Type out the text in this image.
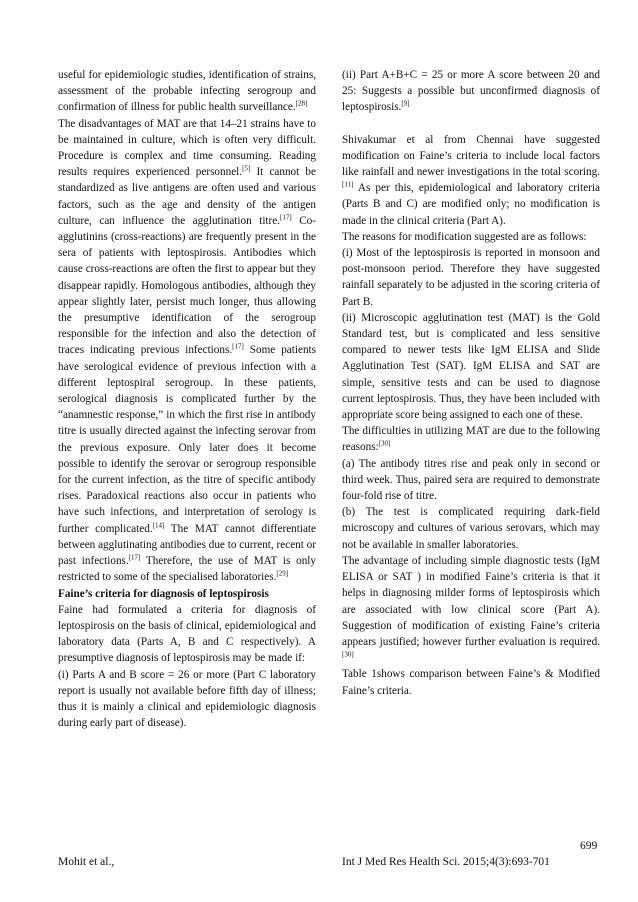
useful for epidemiologic studies, identification of strains, assessment of the probable infecting serogroup and confirmation of illness for public health surveillance.[28]

The disadvantages of MAT are that 14–21 strains have to be maintained in culture, which is often very difficult. Procedure is complex and time consuming. Reading results requires experienced personnel.[5] It cannot be standardized as live antigens are often used and various factors, such as the age and density of the antigen culture, can influence the agglutination titre.[17] Co-agglutinins (cross-reactions) are frequently present in the sera of patients with leptospirosis. Antibodies which cause cross-reactions are often the first to appear but they disappear rapidly. Homologous antibodies, although they appear slightly later, persist much longer, thus allowing the presumptive identification of the serogroup responsible for the infection and also the detection of traces indicating previous infections.[17] Some patients have serological evidence of previous infection with a different leptospiral serogroup. In these patients, serological diagnosis is complicated further by the “anamnestic response,” in which the first rise in antibody titre is usually directed against the infecting serovar from the previous exposure. Only later does it become possible to identify the serovar or serogroup responsible for the current infection, as the titre of specific antibody rises. Paradoxical reactions also occur in patients who have such infections, and interpretation of serology is further complicated.[14] The MAT cannot differentiate between agglutinating antibodies due to current, recent or past infections.[17] Therefore, the use of MAT is only restricted to some of the specialised laboratories.[29]

Faine’s criteria for diagnosis of leptospirosis

Faine had formulated a criteria for diagnosis of leptospirosis on the basis of clinical, epidemiological and laboratory data (Parts A, B and C respectively). A presumptive diagnosis of leptospirosis may be made if:

(i) Parts A and B score = 26 or more (Part C laboratory report is usually not available before fifth day of illness; thus it is mainly a clinical and epidemiologic diagnosis during early part of disease).

(ii) Part A+B+C = 25 or more A score between 20 and 25: Suggests a possible but unconfirmed diagnosis of leptospirosis.[9]

Shivakumar et al from Chennai have suggested modification on Faine’s criteria to include local factors like rainfall and newer investigations in the total scoring.[11] As per this, epidemiological and laboratory criteria (Parts B and C) are modified only; no modification is made in the clinical criteria (Part A).

The reasons for modification suggested are as follows:

(i) Most of the leptospirosis is reported in monsoon and post-monsoon period. Therefore they have suggested rainfall separately to be adjusted in the scoring criteria of Part B.

(ii) Microscopic agglutination test (MAT) is the Gold Standard test, but is complicated and less sensitive compared to newer tests like IgM ELISA and Slide Agglutination Test (SAT). IgM ELISA and SAT are simple, sensitive tests and can be used to diagnose current leptospirosis. Thus, they have been included with appropriate score being assigned to each one of these.

The difficulties in utilizing MAT are due to the following reasons:[30]

(a) The antibody titres rise and peak only in second or third week. Thus, paired sera are required to demonstrate four-fold rise of titre.

(b) The test is complicated requiring dark-field microscopy and cultures of various serovars, which may not be available in smaller laboratories.

The advantage of including simple diagnostic tests (IgM ELISA or SAT ) in modified Faine’s criteria is that it helps in diagnosing milder forms of leptospirosis which are associated with low clinical score (Part A). Suggestion of modification of existing Faine’s criteria appears justified; however further evaluation is required.[30]

Table 1shows comparison between Faine’s & Modified Faine’s criteria.

699
Mohit et al.,	Int J Med Res Health Sci. 2015;4(3):693-701
